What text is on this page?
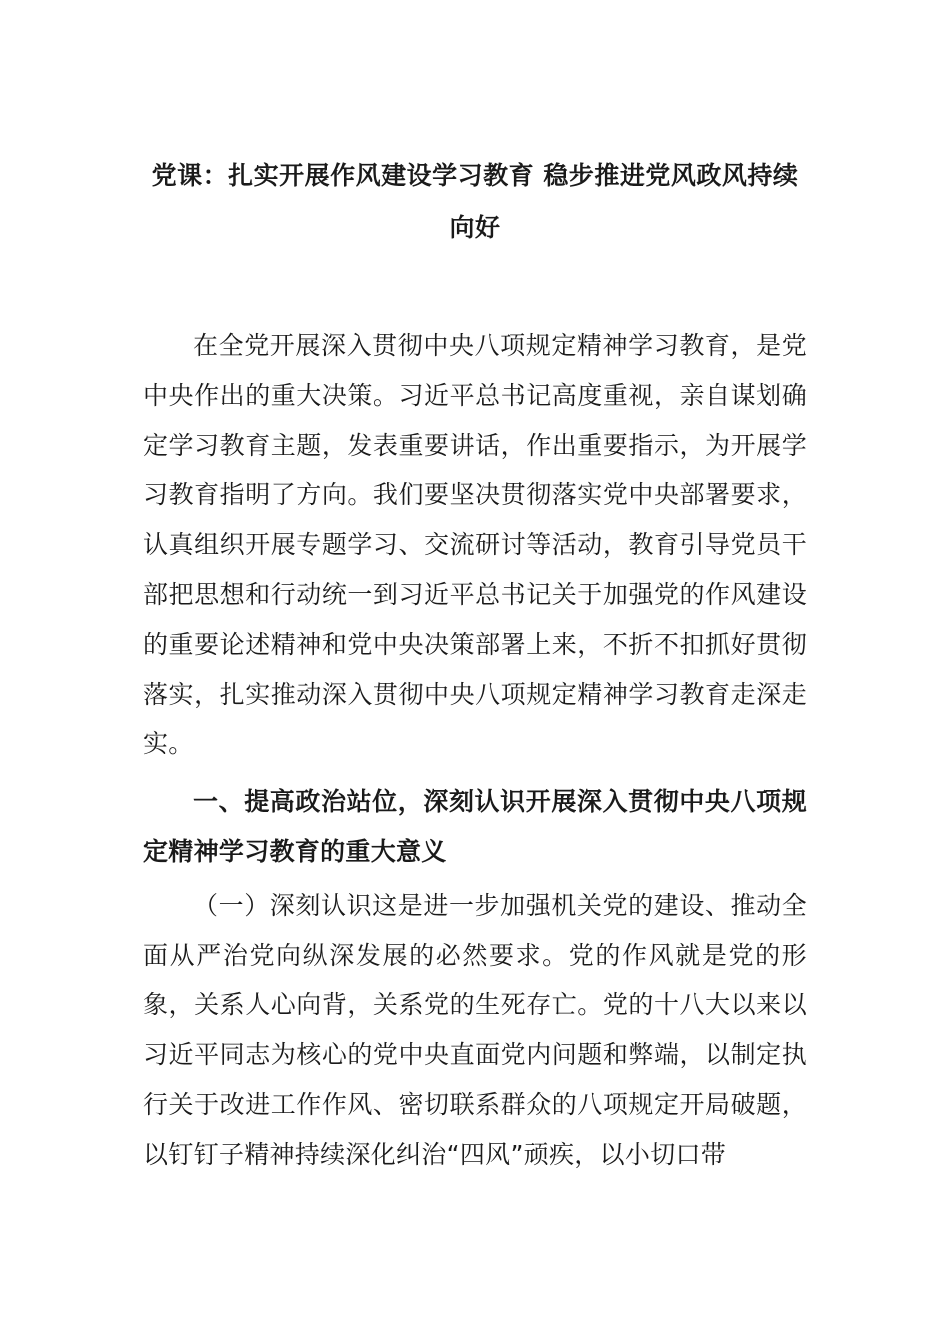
党课：扎实开展作风建设学习教育 稳步推进党风政风持续向好

在全党开展深入贯彻中央八项规定精神学习教育，是党中央作出的重大决策。习近平总书记高度重视，亲自谋划确定学习教育主题，发表重要讲话，作出重要指示，为开展学习教育指明了方向。我们要坚决贯彻落实党中央部署要求，认真组织开展专题学习、交流研讨等活动，教育引导党员干部把思想和行动统一到习近平总书记关于加强党的作风建设的重要论述精神和党中央决策部署上来，不折不扣抓好贯彻落实，扎实推动深入贯彻中央八项规定精神学习教育走深走实。

一、提高政治站位，深刻认识开展深入贯彻中央八项规定精神学习教育的重大意义

（一）深刻认识这是进一步加强机关党的建设、推动全面从严治党向纵深发展的必然要求。党的作风就是党的形象，关系人心向背，关系党的生死存亡。党的十八大以来以习近平同志为核心的党中央直面党内问题和弊端，以制定执行关于改进工作作风、密切联系群众的八项规定开局破题，以钉钉子精神持续深化纠治“四风”顽疾，以小切口带
